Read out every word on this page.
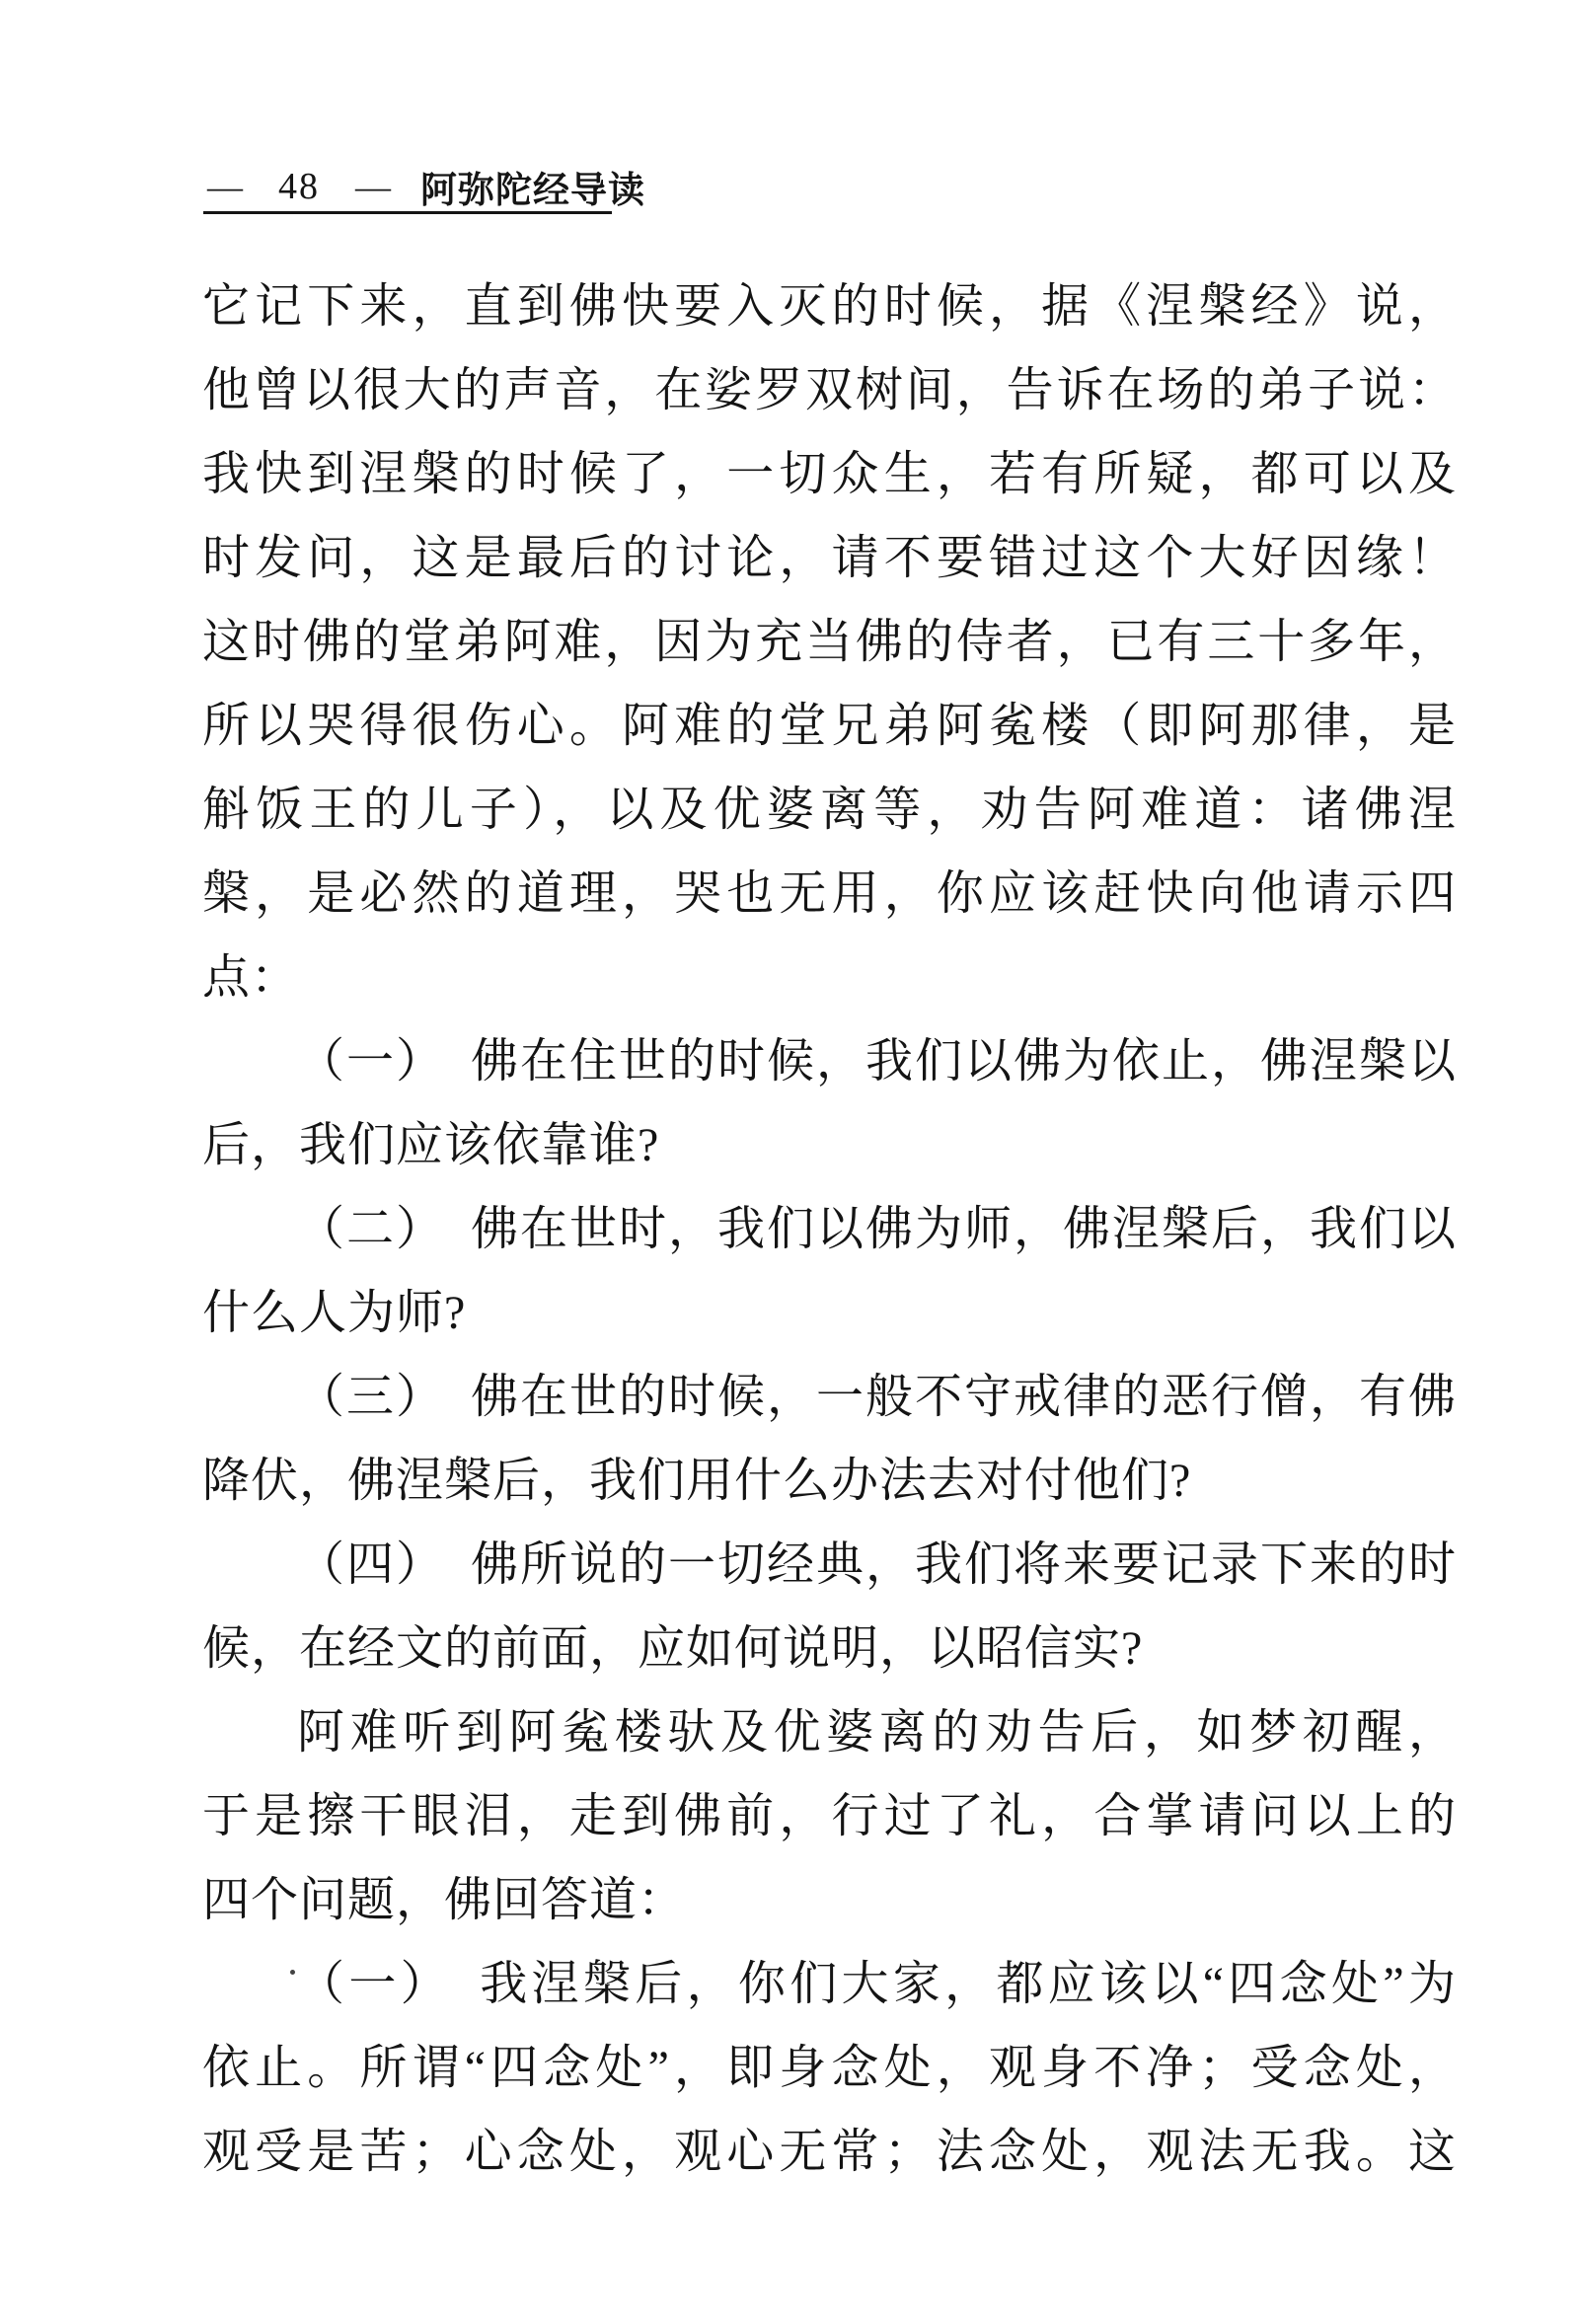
— 48 — 阿弥陀经导读
它记下来，直到佛快要入灭的时候，据《涅槃经》说，
他曾以很大的声音，在娑罗双树间，告诉在场的弟子说：
我快到涅槃的时候了，一切众生，若有所疑，都可以及
时发问，这是最后的讨论，请不要错过这个大好因缘！
这时佛的堂弟阿难，因为充当佛的侍者，已有三十多年，
所以哭得很伤心。阿难的堂兄弟阿㝹楼（即阿那律，是
斛饭王的儿子），以及优婆离等，劝告阿难道：诸佛涅
槃，是必然的道理，哭也无用，你应该赶快向他请示四
点：
（一）　佛在住世的时候，我们以佛为依止，佛涅槃以
后，我们应该依靠谁?
（二）　佛在世时，我们以佛为师，佛涅槃后，我们以
什么人为师?
（三）　佛在世的时候，一般不守戒律的恶行僧，有佛
降伏，佛涅槃后，我们用什么办法去对付他们?
（四）　佛所说的一切经典，我们将来要记录下来的时
候，在经文的前面，应如何说明，以昭信实?
阿难听到阿㝹楼驮及优婆离的劝告后，如梦初醒，
于是擦干眼泪，走到佛前，行过了礼，合掌请问以上的
四个问题，佛回答道：
（一）　我涅槃后，你们大家，都应该以“四念处”为
依止。所谓“四念处”，即身念处，观身不净；受念处，
观受是苦；心念处，观心无常；法念处，观法无我。这
